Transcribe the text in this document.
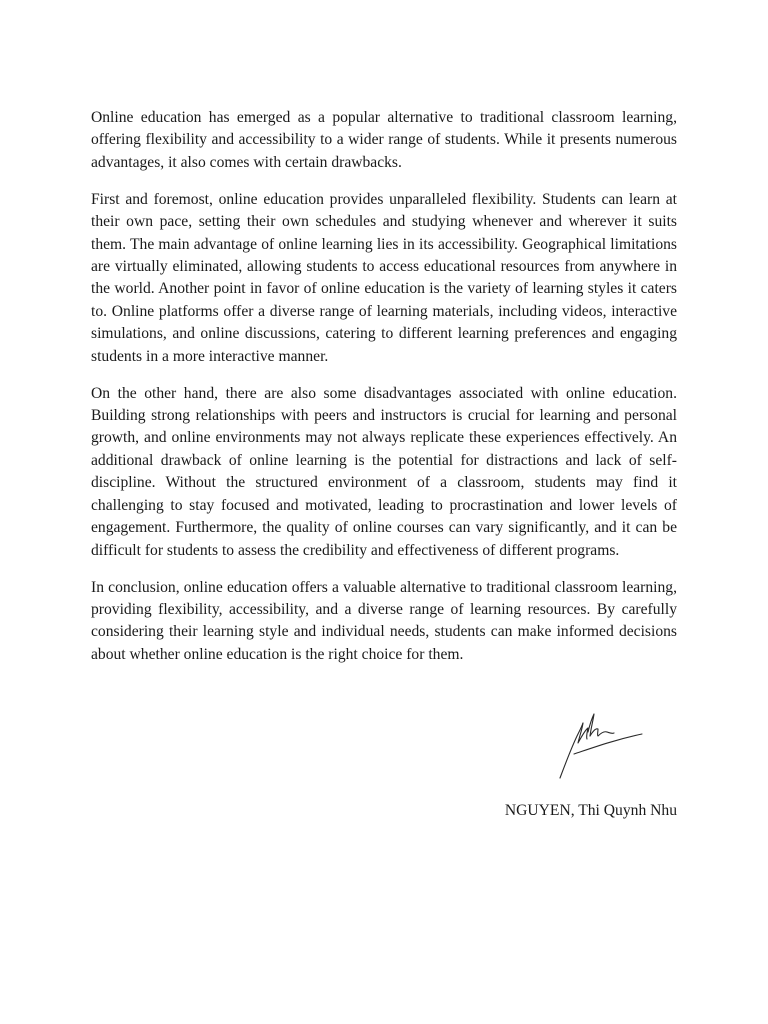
Online education has emerged as a popular alternative to traditional classroom learning, offering flexibility and accessibility to a wider range of students. While it presents numerous advantages, it also comes with certain drawbacks.

First and foremost, online education provides unparalleled flexibility. Students can learn at their own pace, setting their own schedules and studying whenever and wherever it suits them. The main advantage of online learning lies in its accessibility. Geographical limitations are virtually eliminated, allowing students to access educational resources from anywhere in the world. Another point in favor of online education is the variety of learning styles it caters to. Online platforms offer a diverse range of learning materials, including videos, interactive simulations, and online discussions, catering to different learning preferences and engaging students in a more interactive manner.

On the other hand, there are also some disadvantages associated with online education. Building strong relationships with peers and instructors is crucial for learning and personal growth, and online environments may not always replicate these experiences effectively. An additional drawback of online learning is the potential for distractions and lack of self-discipline. Without the structured environment of a classroom, students may find it challenging to stay focused and motivated, leading to procrastination and lower levels of engagement. Furthermore, the quality of online courses can vary significantly, and it can be difficult for students to assess the credibility and effectiveness of different programs.

In conclusion, online education offers a valuable alternative to traditional classroom learning, providing flexibility, accessibility, and a diverse range of learning resources. By carefully considering their learning style and individual needs, students can make informed decisions about whether online education is the right choice for them.

NGUYEN, Thi Quynh Nhu
